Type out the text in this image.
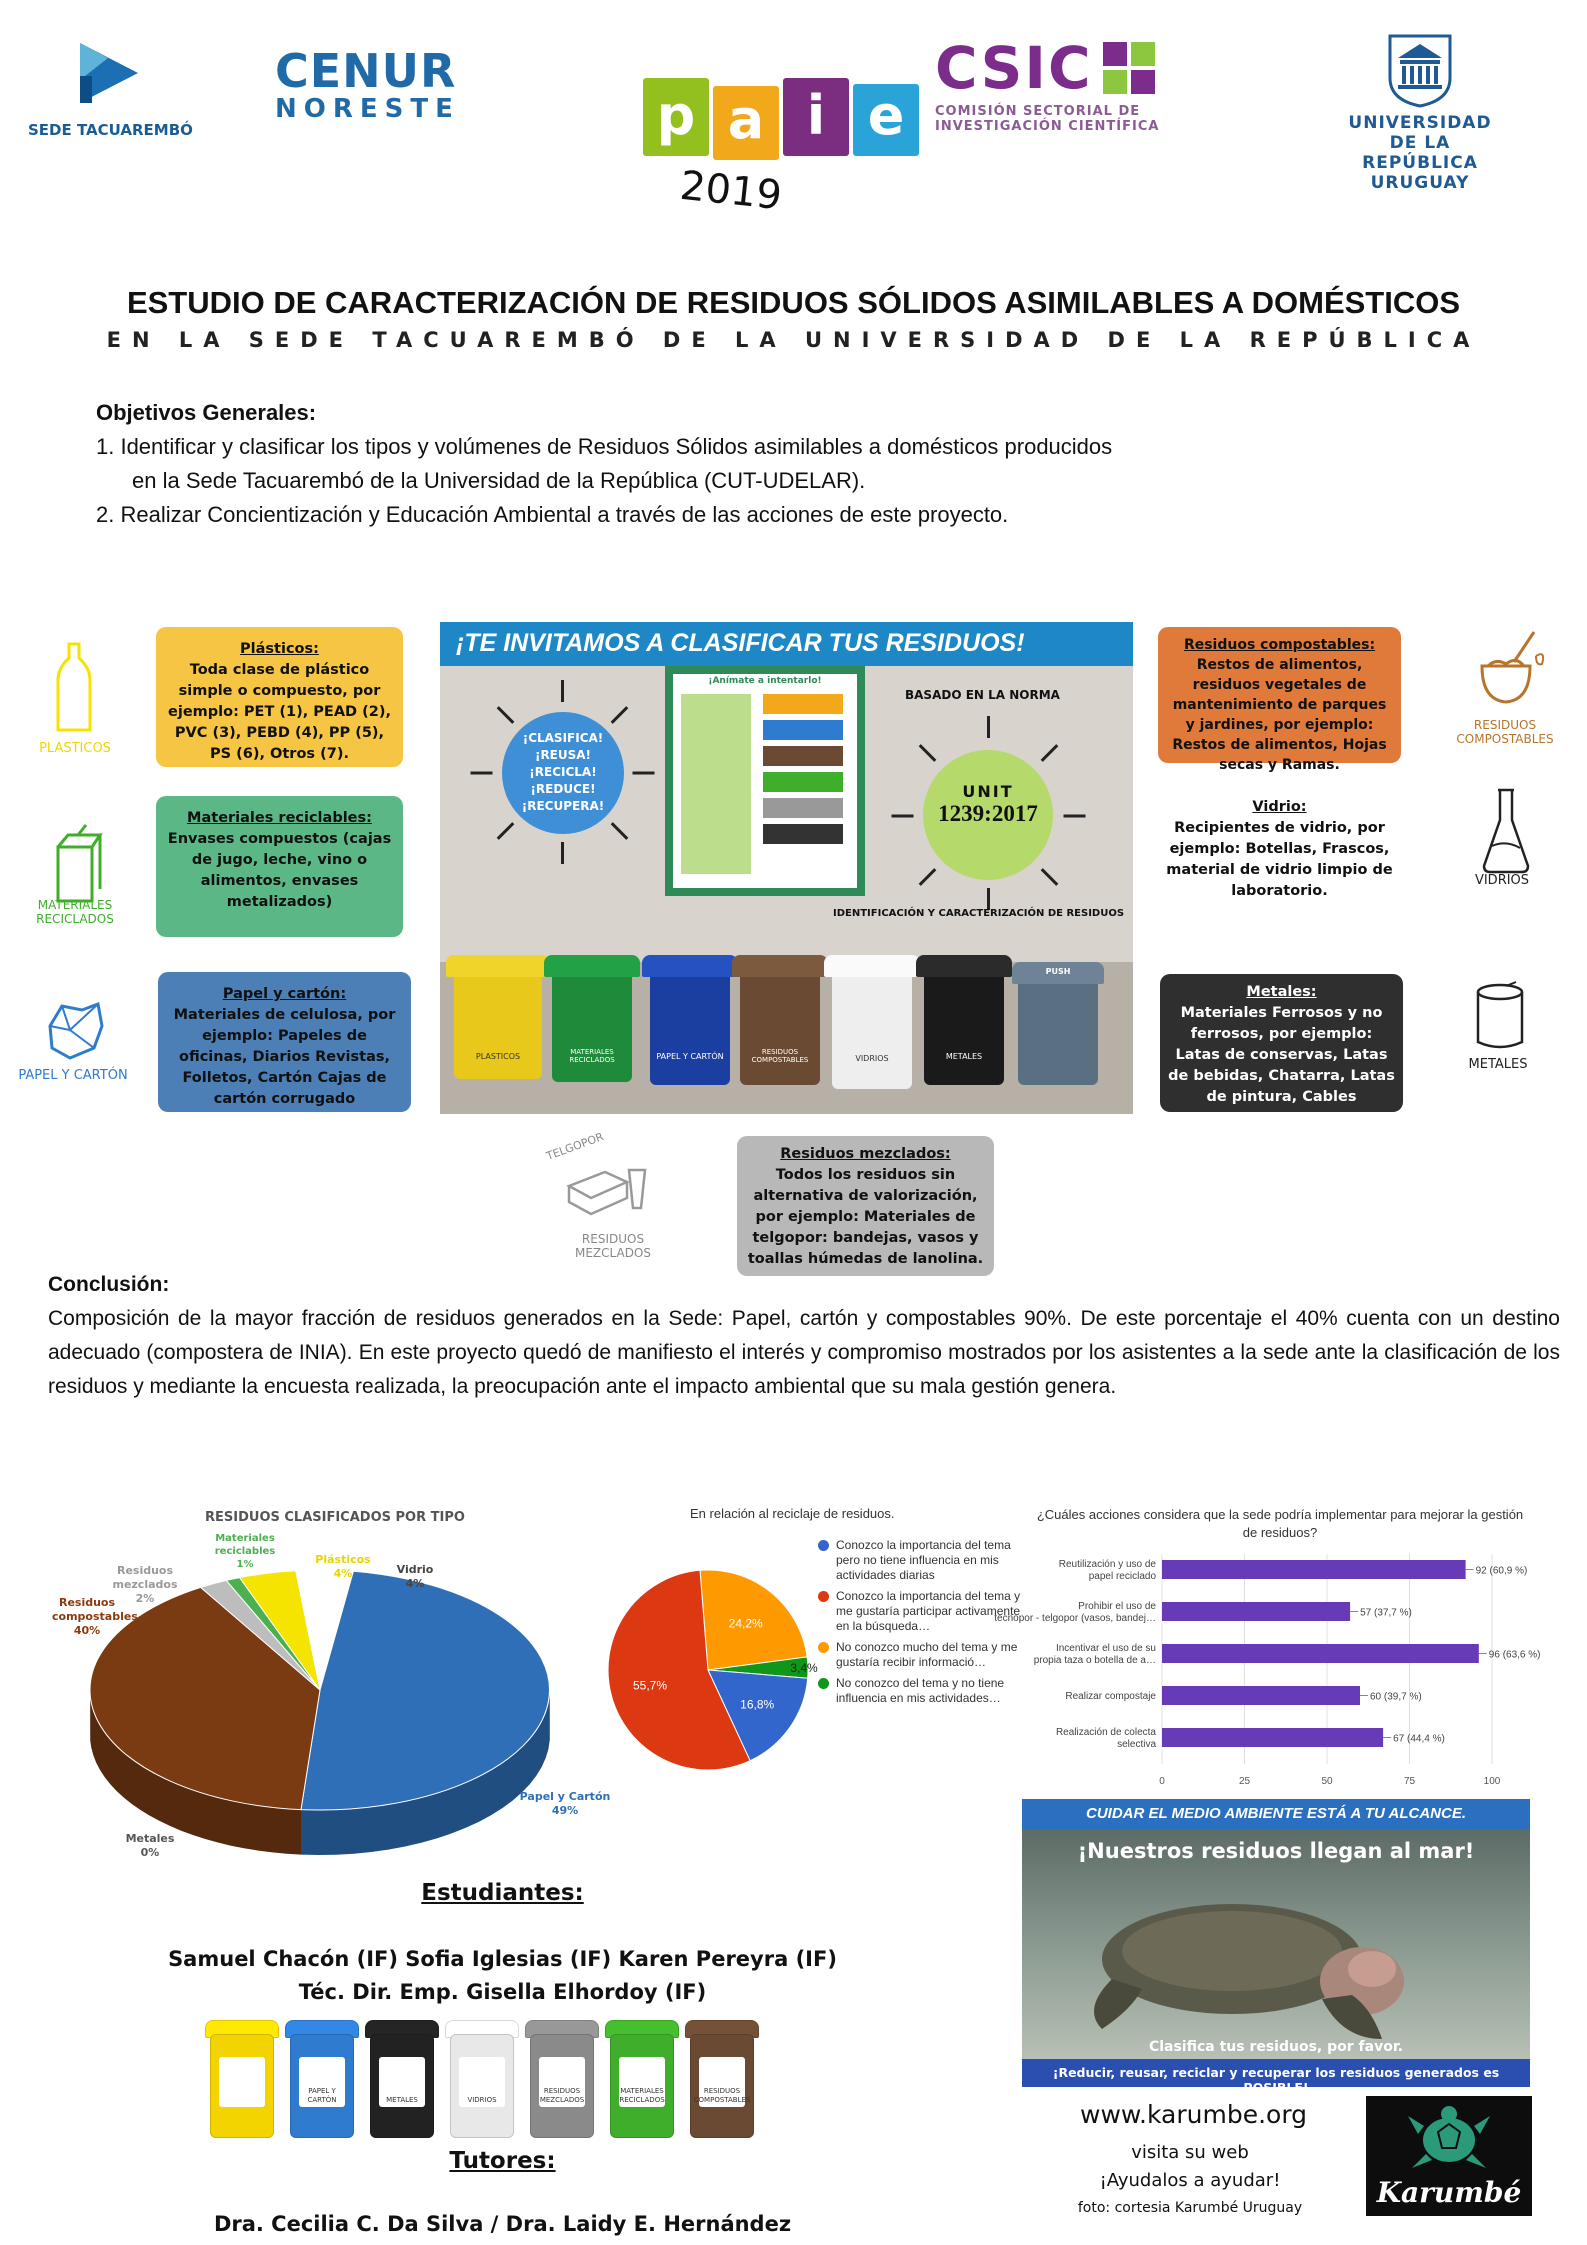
SEDE TACUAREMBÓ
CENUR
NORESTE	p a i e
2019
CSIC
COMISIÓN SECTORIAL DE
INVESTIGACIÓN CIENTÍFICA	UNIVERSIDAD
DE LA REPÚBLICA
URUGUAY
ESTUDIO DE CARACTERIZACIÓN DE RESIDUOS SÓLIDOS ASIMILABLES A DOMÉSTICOS
EN LA SEDE TACUAREMBÓ DE LA UNIVERSIDAD DE LA REPÚBLICA
Objetivos Generales:
1. Identificar y clasificar los tipos y volúmenes de Residuos Sólidos asimilables a domésticos producidos
en la Sede Tacuarembó de la Universidad de la República (CUT-UDELAR).
2. Realizar Concientización y Educación Ambiental a través de las acciones de este proyecto.
PLASTICOS
MATERIALES RECICLADOS
PAPEL Y CARTÓN
Plásticos:
Toda clase de plástico simple o compuesto, por ejemplo: PET (1), PEAD (2), PVC (3), PEBD (4), PP (5), PS (6), Otros (7).
Materiales reciclables:
Envases compuestos (cajas de jugo, leche, vino o alimentos, envases metalizados)
Papel y cartón:
Materiales de celulosa, por ejemplo: Papeles de oficinas, Diarios Revistas, Folletos, Cartón Cajas de cartón corrugado
¡TE INVITAMOS A CLASIFICAR TUS RESIDUOS!
¡Anímate a intentarlo!
¡CLASIFICA!
¡REUSA!
¡RECICLA!
¡REDUCE!
¡RECUPERA!
BASADO EN LA NORMA
UNIT
1239:2017
IDENTIFICACIÓN Y CARACTERIZACIÓN DE RESIDUOS
PLASTICOS	MATERIALES RECICLADOS	PAPEL Y CARTÓN	RESIDUOS COMPOSTABLES	VIDRIOS	METALES
PUSH
Residuos compostables:
Restos de alimentos, residuos vegetales de mantenimiento de parques y jardines, por ejemplo: Restos de alimentos, Hojas secas y Ramas.
Vidrio:
Recipientes de vidrio, por ejemplo: Botellas, Frascos, material de vidrio limpio de laboratorio.
Metales:
Materiales Ferrosos y no ferrosos, por ejemplo: Latas de conservas, Latas de bebidas, Chatarra, Latas de pintura, Cables
RESIDUOS COMPOSTABLES
VIDRIOS
METALES
TELGOPOR
RESIDUOS MEZCLADOS
Residuos mezclados:
Todos los residuos sin alternativa de valorización, por ejemplo: Materiales de telgopor: bandejas, vasos y toallas húmedas de lanolina.
Conclusión:
Composición de la mayor fracción de residuos generados en la Sede: Papel, cartón y compostables 90%. De este porcentaje el 40% cuenta con un destino adecuado (compostera de INIA). En este proyecto quedó de manifiesto el interés y compromiso mostrados por los asistentes a la sede ante la clasificación de los residuos y mediante la encuesta realizada, la preocupación ante el impacto ambiental que su mala gestión genera.
RESIDUOS CLASIFICADOS POR TIPO
Residuos compostables
40%
Residuos mezclados
2%
Materiales reciclables
1%	Plásticos
4%	Vidrio
4%
Papel y Cartón
49%
Metales
0%
En relación al reciclaje de residuos.
24,2%
3,4%
16,8%
55,7%
Conozco la importancia del tema pero no tiene influencia en mis actividades diarias
Conozco la importancia del tema y me gustaría participar activamente en la búsqueda…
No conozco mucho del tema y me gustaría recibir informació…
No conozco del tema y no tiene influencia en mis actividades…
¿Cuáles acciones considera que la sede podría implementar para mejorar la gestión de residuos?
0	25	50	75	100
Reutilización y uso de papel reciclado	92 (60,9 %)
Prohibir el uso de tecnopor - telgopor (vasos, bandej…	57 (37,7 %)
Incentivar el uso de su propia taza o botella de a…	96 (63,6 %)
Realizar compostaje	60 (39,7 %)
Realización de colecta selectiva	67 (44,4 %)
Estudiantes:
Samuel Chacón (IF) Sofia Iglesias (IF) Karen Pereyra (IF)
Téc. Dir. Emp. Gisella Elhordoy (IF)
PAPEL Y CARTÓN	METALES	VIDRIOS
RESIDUOS MEZCLADOS
MATERIALES RECICLADOS
RESIDUOS COMPOSTABLES
Tutores:
Dra. Cecilia C. Da Silva / Dra. Laidy E. Hernández
CUIDAR EL MEDIO AMBIENTE ESTÁ A TU ALCANCE.
¡Nuestros residuos llegan al mar!
Clasifica tus residuos, por favor.
¡Reducir, reusar, reciclar y recuperar los residuos generados es POSIBLE!
www.karumbe.org
visita su web
¡Ayudalos a ayudar!
foto: cortesia Karumbé Uruguay	Karumbé
